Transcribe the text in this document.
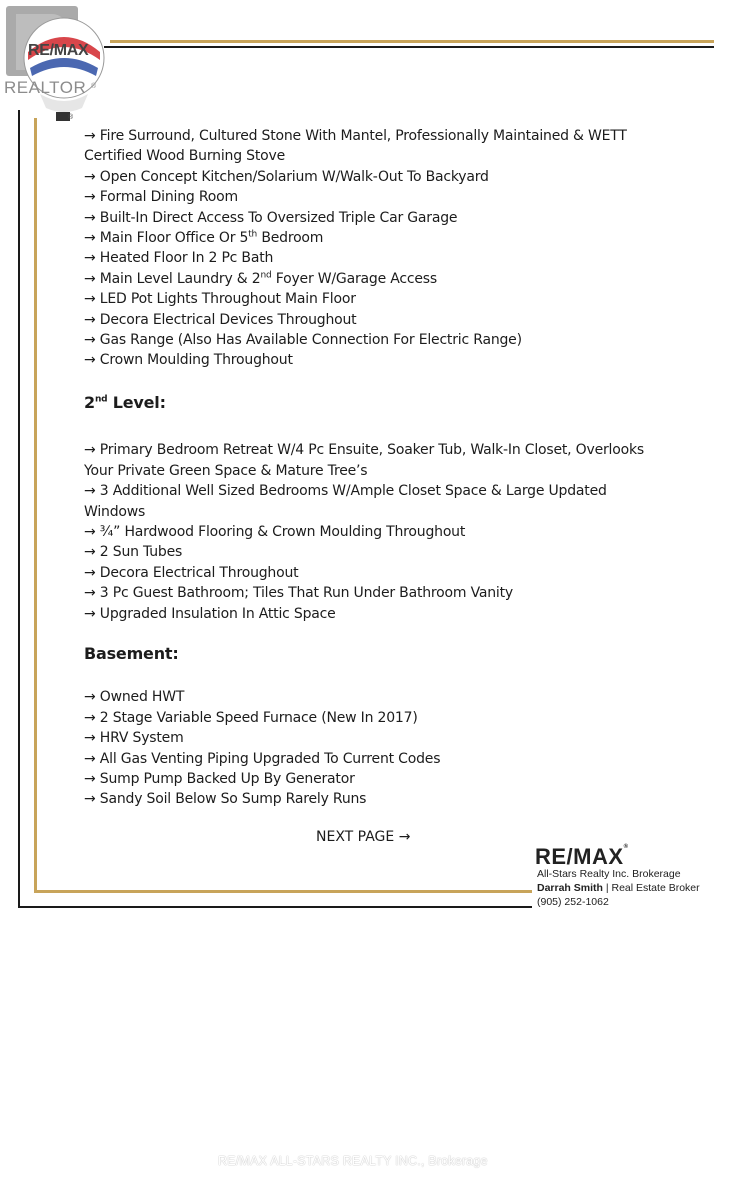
RE/MAX
REALTOR ®
®

→ Fire Surround, Cultured Stone With Mantel, Professionally Maintained & WETT Certified Wood Burning Stove

→ Open Concept Kitchen/Solarium W/Walk-Out To Backyard

→ Formal Dining Room

→ Built-In Direct Access To Oversized Triple Car Garage

→ Main Floor Office Or 5th Bedroom

→ Heated Floor In 2 Pc Bath

→ Main Level Laundry & 2nd Foyer W/Garage Access

→ LED Pot Lights Throughout Main Floor

→ Decora Electrical Devices Throughout

→ Gas Range (Also Has Available Connection For Electric Range)

→ Crown Moulding Throughout

2nd Level:

→ Primary Bedroom Retreat W/4 Pc Ensuite, Soaker Tub, Walk-In Closet, Overlooks Your Private Green Space & Mature Tree’s

→ 3 Additional Well Sized Bedrooms W/Ample Closet Space & Large Updated Windows

→ ¾” Hardwood Flooring & Crown Moulding Throughout

→ 2 Sun Tubes

→ Decora Electrical Throughout

→ 3 Pc Guest Bathroom; Tiles That Run Under Bathroom Vanity

→ Upgraded Insulation In Attic Space

Basement:

→ Owned HWT

→ 2 Stage Variable Speed Furnace (New In 2017)

→ HRV System

→ All Gas Venting Piping Upgraded To Current Codes

→ Sump Pump Backed Up By Generator

→ Sandy Soil Below So Sump Rarely Runs

NEXT PAGE →
RE/MAX®
All-Stars Realty Inc. Brokerage
Darrah Smith | Real Estate Broker
(905) 252-1062
RE/MAX ALL-STARS REALTY INC., Brokerage
